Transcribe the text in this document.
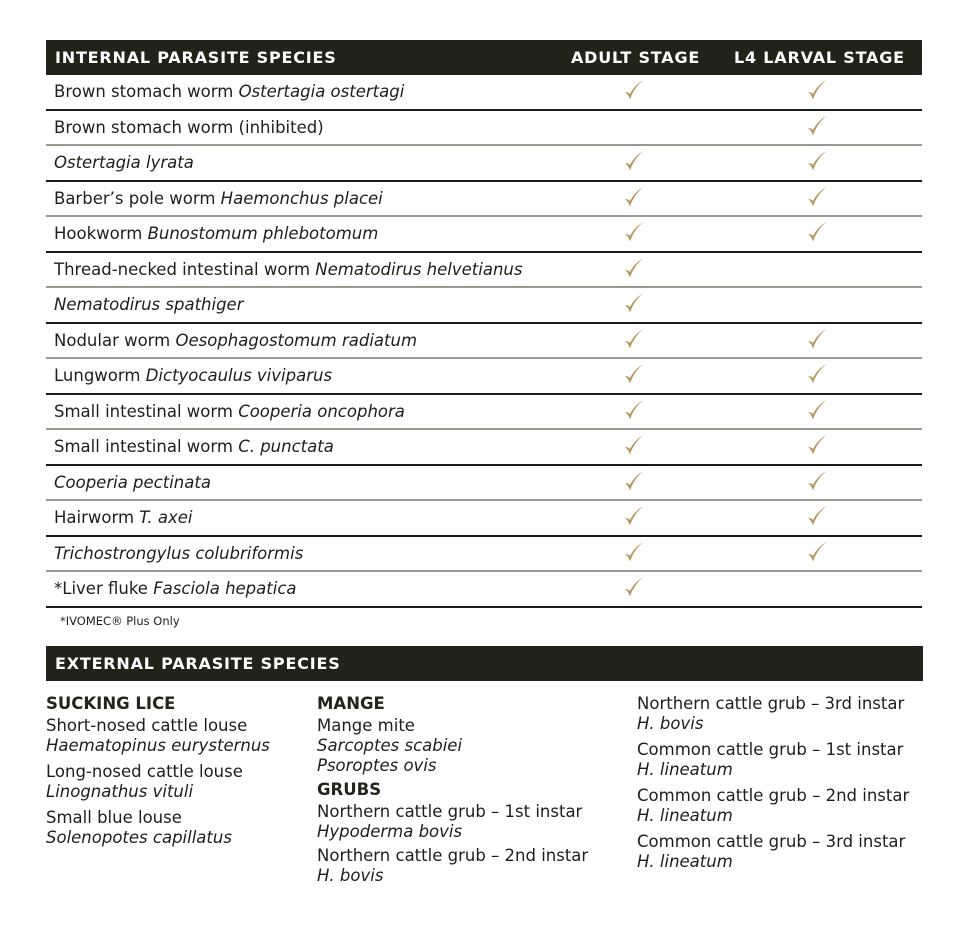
INTERNAL PARASITE SPECIES	ADULT STAGE L4 LARVAL STAGE
Brown stomach worm Ostertagia ostertagi
Brown stomach worm (inhibited)
Ostertagia lyrata
Barber’s pole worm Haemonchus placei
Hookworm Bunostomum phlebotomum
Thread-necked intestinal worm Nematodirus helvetianus
Nematodirus spathiger
Nodular worm Oesophagostomum radiatum
Lungworm Dictyocaulus viviparus
Small intestinal worm Cooperia oncophora
Small intestinal worm C. punctata
Cooperia pectinata
Hairworm T. axei
Trichostrongylus colubriformis
*Liver fluke Fasciola hepatica
*IVOMEC® Plus Only
EXTERNAL PARASITE SPECIES
SUCKING LICE
Short-nosed cattle louse
Haematopinus eurysternus
Long-nosed cattle louse
Linognathus vituli
Small blue louse
Solenopotes capillatus
MANGE
Mange mite
Sarcoptes scabiei
Psoroptes ovis
GRUBS
Northern cattle grub – 1st instar
Hypoderma bovis
Northern cattle grub – 2nd instar
H. bovis
Northern cattle grub – 3rd instar
H. bovis
Common cattle grub – 1st instar
H. lineatum
Common cattle grub – 2nd instar
H. lineatum
Common cattle grub – 3rd instar
H. lineatum
